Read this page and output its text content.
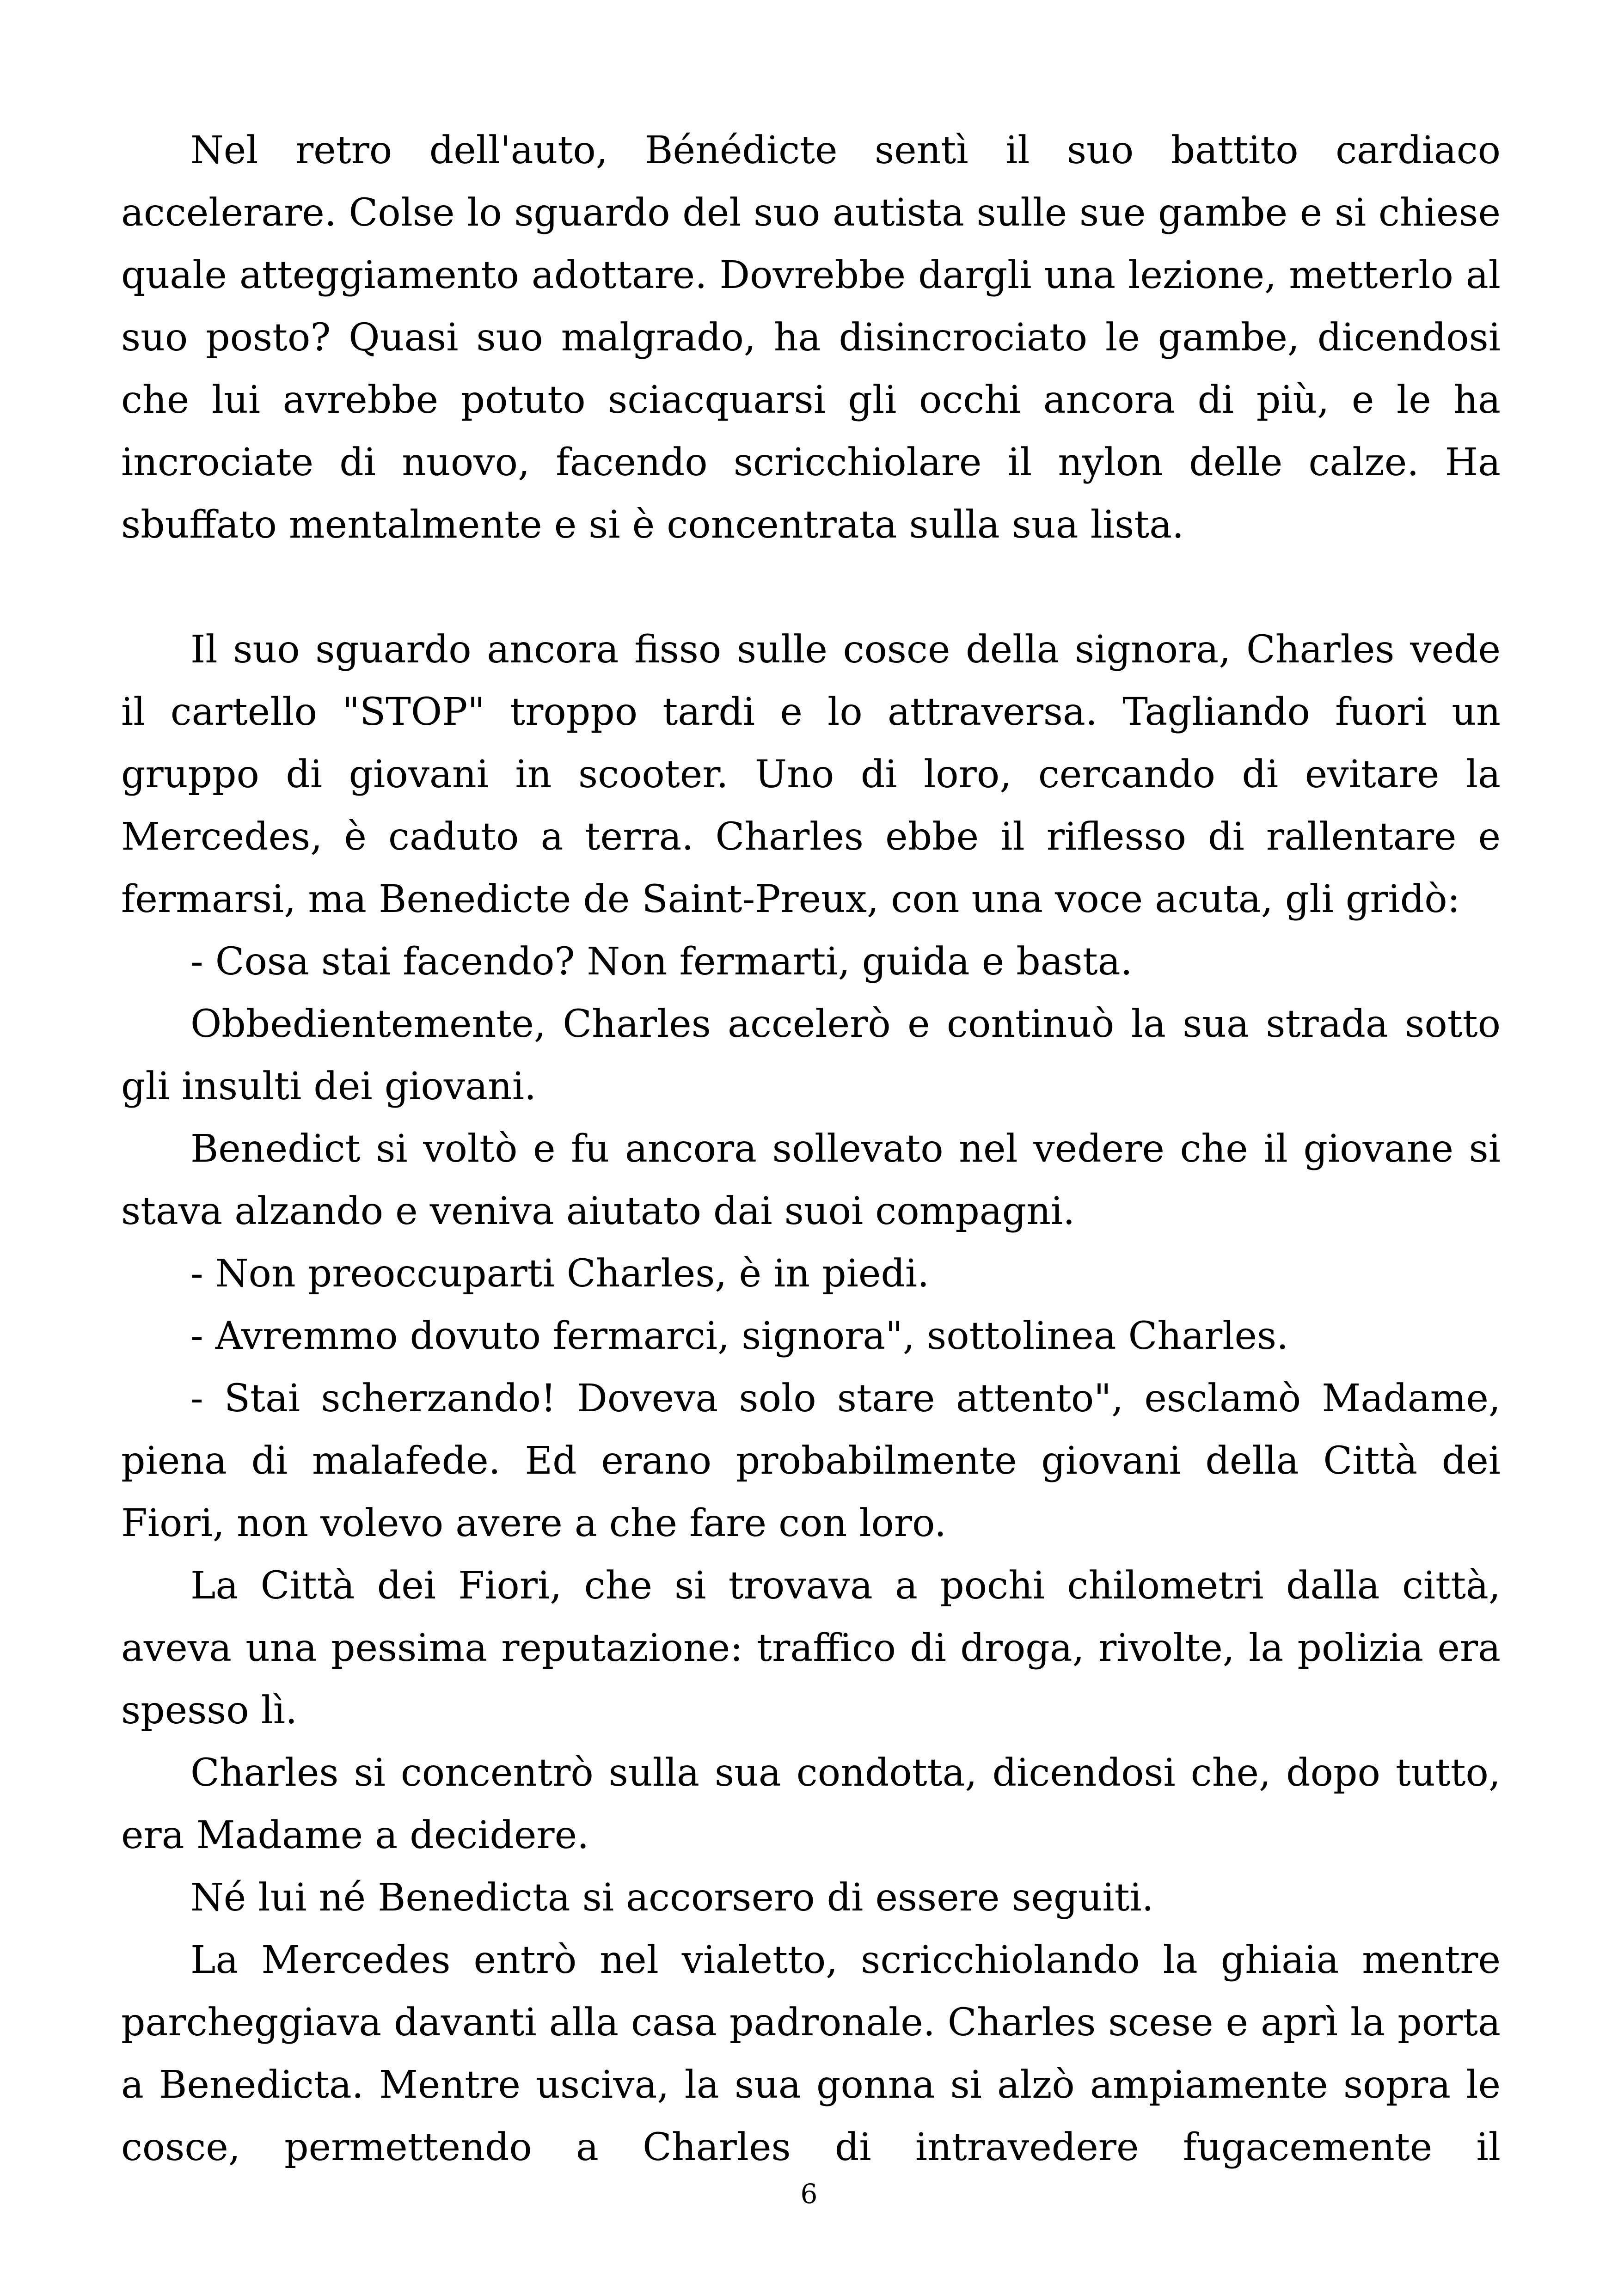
Nel retro dell'auto, Bénédicte sentì il suo battito cardiaco accelerare. Colse lo sguardo del suo autista sulle sue gambe e si chiese quale atteggiamento adottare. Dovrebbe dargli una lezione, metterlo al suo posto? Quasi suo malgrado, ha disincrociato le gambe, dicendosi che lui avrebbe potuto sciacquarsi gli occhi ancora di più, e le ha incrociate di nuovo, facendo scricchiolare il nylon delle calze. Ha sbuffato mentalmente e si è concentrata sulla sua lista.

Il suo sguardo ancora fisso sulle cosce della signora, Charles vede il cartello "STOP" troppo tardi e lo attraversa. Tagliando fuori un gruppo di giovani in scooter. Uno di loro, cercando di evitare la Mercedes, è caduto a terra. Charles ebbe il riflesso di rallentare e fermarsi, ma Benedicte de Saint-Preux, con una voce acuta, gli gridò:

- Cosa stai facendo? Non fermarti, guida e basta.

Obbedientemente, Charles accelerò e continuò la sua strada sotto gli insulti dei giovani.

Benedict si voltò e fu ancora sollevato nel vedere che il giovane si stava alzando e veniva aiutato dai suoi compagni.

- Non preoccuparti Charles, è in piedi.

- Avremmo dovuto fermarci, signora", sottolinea Charles.

- Stai scherzando! Doveva solo stare attento", esclamò Madame, piena di malafede. Ed erano probabilmente giovani della Città dei Fiori, non volevo avere a che fare con loro.

La Città dei Fiori, che si trovava a pochi chilometri dalla città, aveva una pessima reputazione: traffico di droga, rivolte, la polizia era spesso lì.

Charles si concentrò sulla sua condotta, dicendosi che, dopo tutto, era Madame a decidere.

Né lui né Benedicta si accorsero di essere seguiti.

La Mercedes entrò nel vialetto, scricchiolando la ghiaia mentre parcheggiava davanti alla casa padronale. Charles scese e aprì la porta a Benedicta. Mentre usciva, la sua gonna si alzò ampiamente sopra le cosce, permettendo a Charles di intravedere fugacemente il

6
